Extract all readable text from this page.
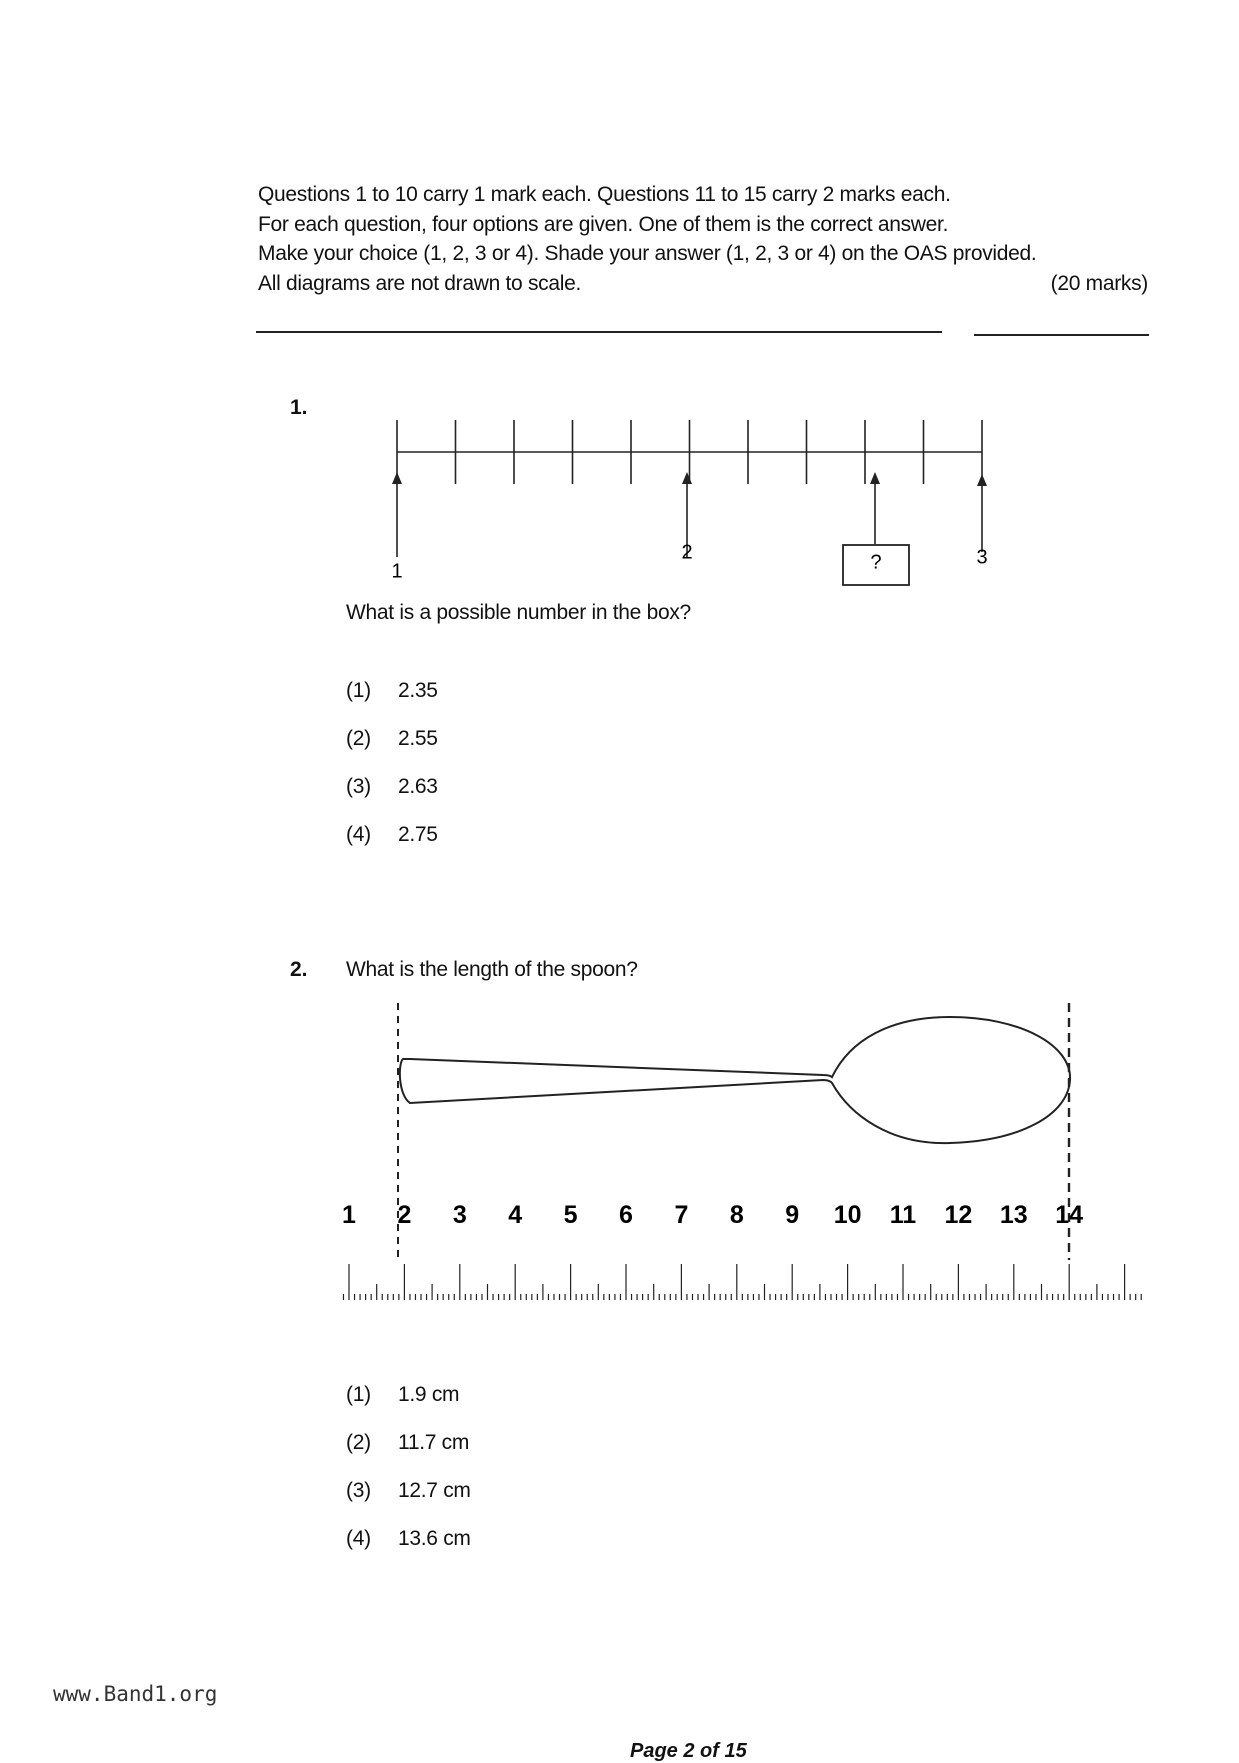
Questions 1 to 10 carry 1 mark each. Questions 11 to 15 carry 2 marks each.
For each question, four options are given. One of them is the correct answer.
Make your choice (1, 2, 3 or 4). Shade your answer (1, 2, 3 or 4) on the OAS provided.
All diagrams are not drawn to scale.	(20 marks)
1.
1
2	?	3
What is a possible number in the box?
(1) 2.35
(2) 2.55
(3) 2.63
(4) 2.75
2. What is the length of the spoon?
1 2 3 4 5 6 7 8 9 10 11 12 13 14
(1) 1.9 cm
(2) 11.7 cm
(3) 12.7 cm
(4) 13.6 cm
www.Band1.org
Page 2 of 15
